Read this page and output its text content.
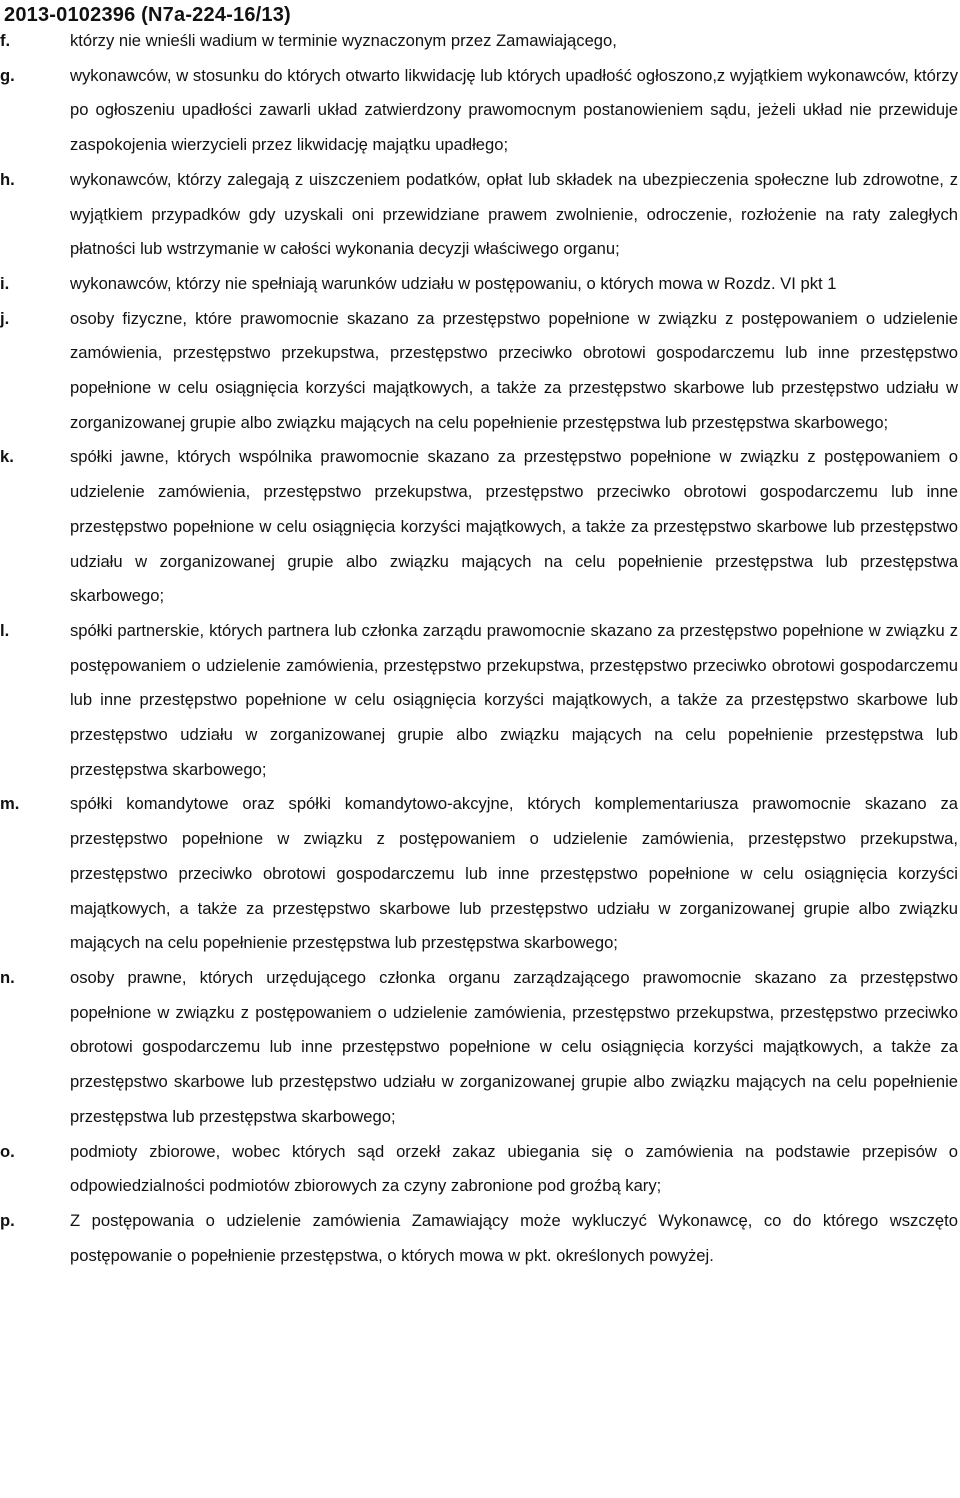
2013-0102396 (N7a-224-16/13)
f.	którzy nie wnieśli wadium w terminie wyznaczonym przez Zamawiającego,
g.	wykonawców, w stosunku do których otwarto likwidację lub których upadłość ogłoszono,z wyjątkiem wykonawców, którzy po ogłoszeniu upadłości zawarli układ zatwierdzony prawomocnym postanowieniem sądu, jeżeli układ nie przewiduje zaspokojenia wierzycieli przez likwidację majątku upadłego;
h.	wykonawców, którzy zalegają z uiszczeniem podatków, opłat lub składek na ubezpieczenia społeczne lub zdrowotne, z wyjątkiem przypadków gdy uzyskali oni przewidziane prawem zwolnienie, odroczenie, rozłożenie na raty zaległych płatności lub wstrzymanie w całości wykonania decyzji właściwego organu;
i.	wykonawców, którzy nie spełniają warunków udziału w postępowaniu, o których mowa w Rozdz. VI pkt 1
j.	osoby fizyczne, które prawomocnie skazano za przestępstwo popełnione w związku z postępowaniem o udzielenie zamówienia, przestępstwo przekupstwa, przestępstwo przeciwko obrotowi gospodarczemu lub inne przestępstwo popełnione w celu osiągnięcia korzyści majątkowych, a także za przestępstwo skarbowe lub przestępstwo udziału w zorganizowanej grupie albo związku mających na celu popełnienie przestępstwa lub przestępstwa skarbowego;
k.	spółki jawne, których wspólnika prawomocnie skazano za przestępstwo popełnione w związku z postępowaniem o udzielenie zamówienia, przestępstwo przekupstwa, przestępstwo przeciwko obrotowi gospodarczemu lub inne przestępstwo popełnione w celu osiągnięcia korzyści majątkowych, a także za przestępstwo skarbowe lub przestępstwo udziału w zorganizowanej grupie albo związku mających na celu popełnienie przestępstwa lub przestępstwa skarbowego;
l.	spółki partnerskie, których partnera lub członka zarządu prawomocnie skazano za przestępstwo popełnione w związku z postępowaniem o udzielenie zamówienia, przestępstwo przekupstwa, przestępstwo przeciwko obrotowi gospodarczemu lub inne przestępstwo popełnione w celu osiągnięcia korzyści majątkowych, a także za przestępstwo skarbowe lub przestępstwo udziału w zorganizowanej grupie albo związku mających na celu popełnienie przestępstwa lub przestępstwa skarbowego;
m.	spółki komandytowe oraz spółki komandytowo-akcyjne, których komplementariusza prawomocnie skazano za przestępstwo popełnione w związku z postępowaniem o udzielenie zamówienia, przestępstwo przekupstwa, przestępstwo przeciwko obrotowi gospodarczemu lub inne przestępstwo popełnione w celu osiągnięcia korzyści majątkowych, a także za przestępstwo skarbowe lub przestępstwo udziału w zorganizowanej grupie albo związku mających na celu popełnienie przestępstwa lub przestępstwa skarbowego;
n.	osoby prawne, których urzędującego członka organu zarządzającego prawomocnie skazano za przestępstwo popełnione w związku z postępowaniem o udzielenie zamówienia, przestępstwo przekupstwa, przestępstwo przeciwko obrotowi gospodarczemu lub inne przestępstwo popełnione w celu osiągnięcia korzyści majątkowych, a także za przestępstwo skarbowe lub przestępstwo udziału w zorganizowanej grupie albo związku mających na celu popełnienie przestępstwa lub przestępstwa skarbowego;
o.	podmioty zbiorowe, wobec których sąd orzekł zakaz ubiegania się o zamówienia na podstawie przepisów o odpowiedzialności podmiotów zbiorowych za czyny zabronione pod groźbą kary;
p.	Z postępowania o udzielenie zamówienia Zamawiający może wykluczyć Wykonawcę, co do którego wszczęto postępowanie o popełnienie przestępstwa, o których mowa w pkt. określonych powyżej.
